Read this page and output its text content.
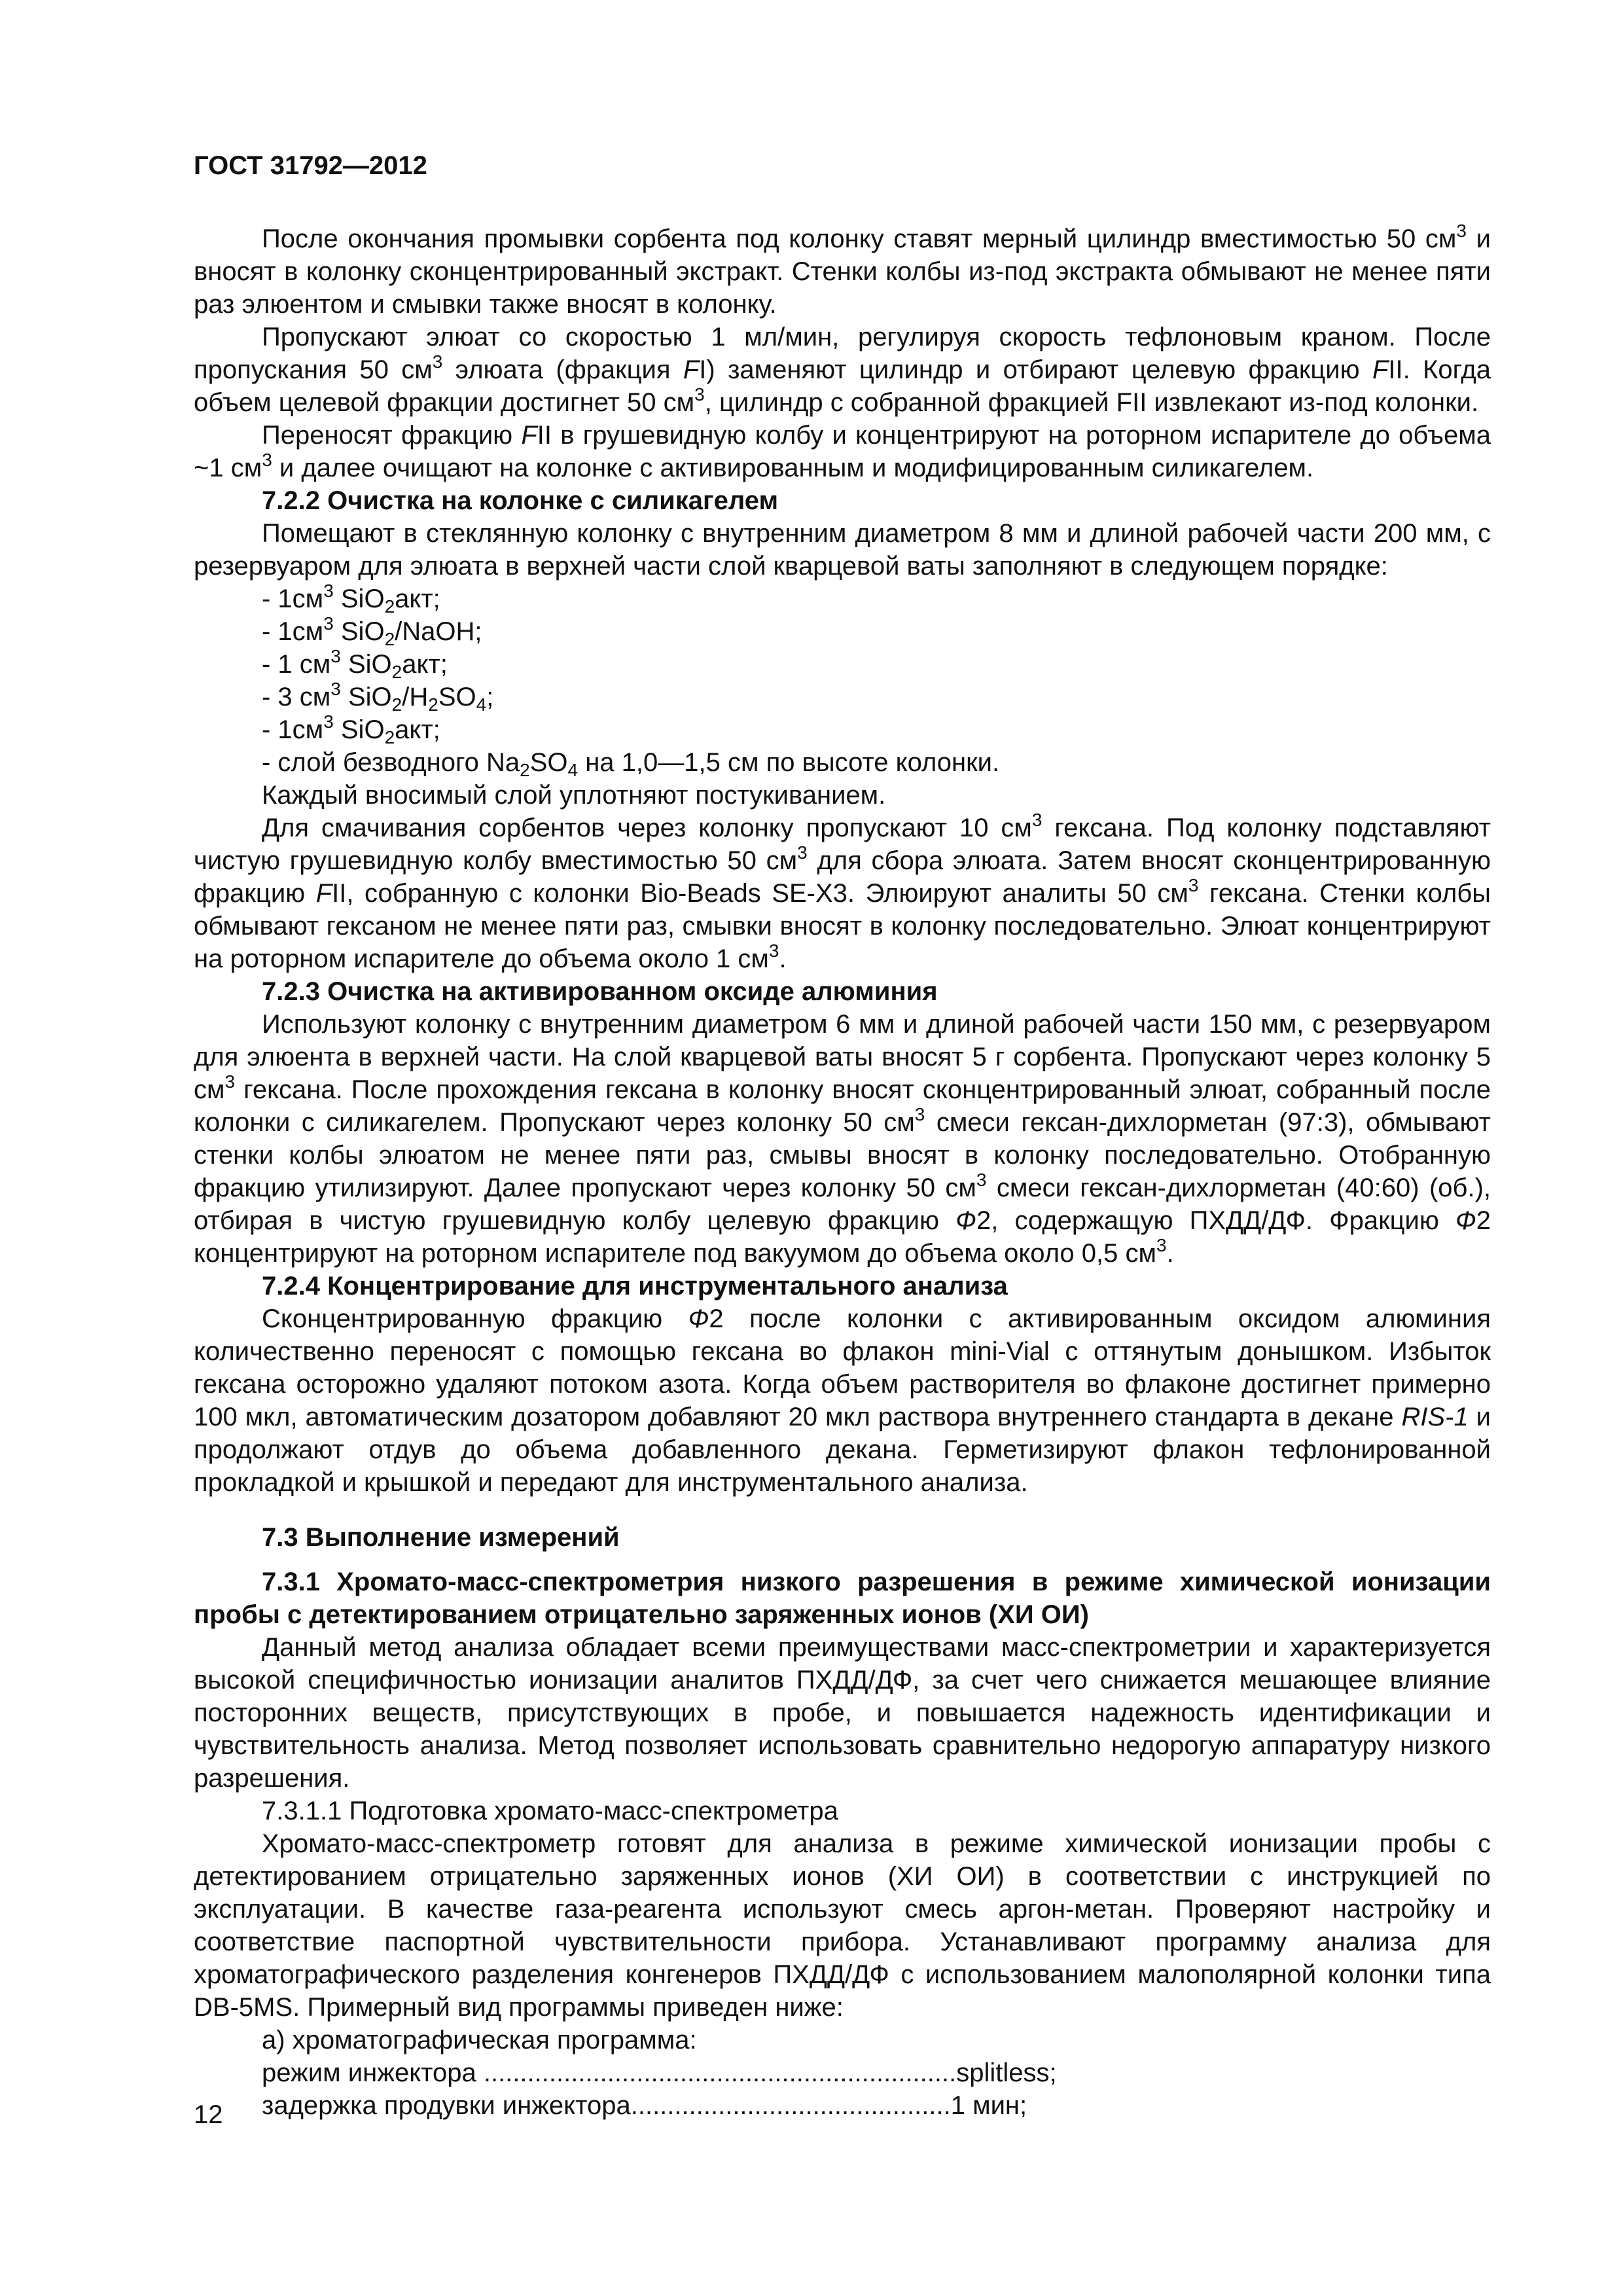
ГОСТ 31792—2012

После окончания промывки сорбента под колонку ставят мерный цилиндр вместимостью 50 $см^3$ и вносят в колонку сконцентрированный экстракт. Стенки колбы из-под экстракта обмывают не менее пяти раз элюентом и смывки также вносят в колонку.

Пропускают элюат со скоростью 1 мл/мин, регулируя скорость тефлоновым краном. После пропускания 50 $см^3$ элюата (фракция FI) заменяют цилиндр и отбирают целевую фракцию FII. Когда объем целевой фракции достигнет 50 $см^3$, цилиндр с собранной фракцией FII извлекают из-под колонки.

Переносят фракцию FII в грушевидную колбу и концентрируют на роторном испарителе до объема ~1 $см^3$ и далее очищают на колонке с активированным и модифицированным силикагелем.

7.2.2 Очистка на колонке с силикагелем

Помещают в стеклянную колонку с внутренним диаметром 8 мм и длиной рабочей части 200 мм, с резервуаром для элюата в верхней части слой кварцевой ваты заполняют в следующем порядке:

- $1см^3$ SiO$_2$акт;

- $1см^3$ SiO$_2$/NaOH;

- 1 $см^3$ SiO$_2$акт;

- 3 $см^3$ $SiO_2/H_2SO_4$;

- $1см^3$ SiO$_2$акт;

- слой безводного $Na_2SO_4$ на 1,0—1,5 см по высоте колонки.

Каждый вносимый слой уплотняют постукиванием.

Для смачивания сорбентов через колонку пропускают 10 $см^3$ гексана. Под колонку подставляют чистую грушевидную колбу вместимостью 50 $см^3$ для сбора элюата. Затем вносят сконцентрированную фракцию FII, собранную с колонки Bio-Beads SE-X3. Элюируют аналиты 50 $см^3$ гексана. Стенки колбы обмывают гексаном не менее пяти раз, смывки вносят в колонку последовательно. Элюат концентрируют на роторном испарителе до объема около 1 $см^3$.

7.2.3 Очистка на активированном оксиде алюминия

Используют колонку с внутренним диаметром 6 мм и длиной рабочей части 150 мм, с резервуаром для элюента в верхней части. На слой кварцевой ваты вносят 5 г сорбента. Пропускают через колонку 5 $см^3$ гексана. После прохождения гексана в колонку вносят сконцентрированный элюат, собранный после колонки с силикагелем. Пропускают через колонку 50 $см^3$ смеси гексан-дихлорметан (97:3), обмывают стенки колбы элюатом не менее пяти раз, смывы вносят в колонку последовательно. Отобранную фракцию утилизируют. Далее пропускают через колонку 50 $см^3$ смеси гексан-дихлорметан (40:60) (об.), отбирая в чистую грушевидную колбу целевую фракцию Ф2, содержащую ПХДД/ДФ. Фракцию Ф2 концентрируют на роторном испарителе под вакуумом до объема около 0,5 $см^3$.

7.2.4 Концентрирование для инструментального анализа

Сконцентрированную фракцию Ф2 после колонки с активированным оксидом алюминия количественно переносят с помощью гексана во флакон mini-Vial с оттянутым донышком. Избыток гексана осторожно удаляют потоком азота. Когда объем растворителя во флаконе достигнет примерно 100 мкл, автоматическим дозатором добавляют 20 мкл раствора внутреннего стандарта в декане RIS-1 и продолжают отдув до объема добавленного декана. Герметизируют флакон тефлонированной прокладкой и крышкой и передают для инструментального анализа.

7.3 Выполнение измерений

7.3.1 Хромато-масс-спектрометрия низкого разрешения в режиме химической ионизации пробы с детектированием отрицательно заряженных ионов (ХИ ОИ)

Данный метод анализа обладает всеми преимуществами масс-спектрометрии и характеризуется высокой специфичностью ионизации аналитов ПХДД/ДФ, за счет чего снижается мешающее влияние посторонних веществ, присутствующих в пробе, и повышается надежность идентификации и чувствительность анализа. Метод позволяет использовать сравнительно недорогую аппаратуру низкого разрешения.

7.3.1.1 Подготовка хромато-масс-спектрометра

Хромато-масс-спектрометр готовят для анализа в режиме химической ионизации пробы с детектированием отрицательно заряженных ионов (ХИ ОИ) в соответствии с инструкцией по эксплуатации. В качестве газа-реагента используют смесь аргон-метан. Проверяют настройку и соответствие паспортной чувствительности прибора. Устанавливают программу анализа для хроматографического разделения конгенеров ПХДД/ДФ с использованием малополярной колонки типа DB-5MS. Примерный вид программы приведен ниже:

а) хроматографическая программа:

режим инжектора .................................................................splitless;

задержка продувки инжектора............................................1 мин;

12
